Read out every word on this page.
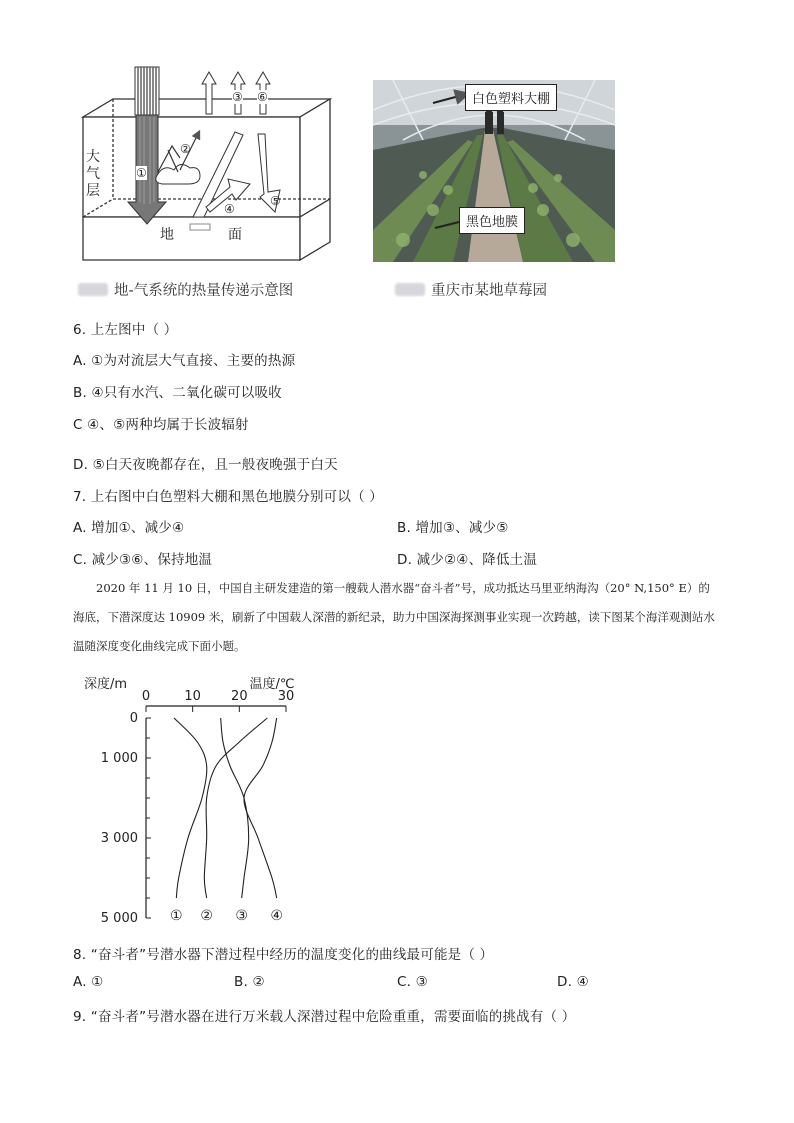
大气层
地	面
①
②
③
④
⑤
⑥
地-气系统的热量传递示意图
白色塑料大棚
黑色地膜
重庆市某地草莓园
6. 上左图中（ ）
A. ①为对流层大气直接、主要的热源
B. ④只有水汽、二氧化碳可以吸收
C ④、⑤两种均属于长波辐射
D. ⑤白天夜晚都存在，且一般夜晚强于白天
7. 上右图中白色塑料大棚和黑色地膜分别可以（ ）
A. 增加①、减少④	B. 增加③、减少⑤
C. 减少③⑥、保持地温	D. 减少②④、降低土温
2020 年 11 月 10 日，中国自主研发建造的第一艘载人潜水器“奋斗者”号，成功抵达马里亚纳海沟（20° N,150° E）的海底，下潜深度达 10909 米，刷新了中国载人深潜的新纪录，助力中国深海探测事业实现一次跨越，读下图某个海洋观测站水温随深度变化曲线完成下面小题。
0	10 20 30
0
1 000
3 000
5 000
深度/m	温度/℃
① ② ③ ④
8. “奋斗者”号潜水器下潜过程中经历的温度变化的曲线最可能是（ ）
A. ①	B. ②	C. ③	D. ④
9. “奋斗者”号潜水器在进行万米载人深潜过程中危险重重，需要面临的挑战有（ ）
